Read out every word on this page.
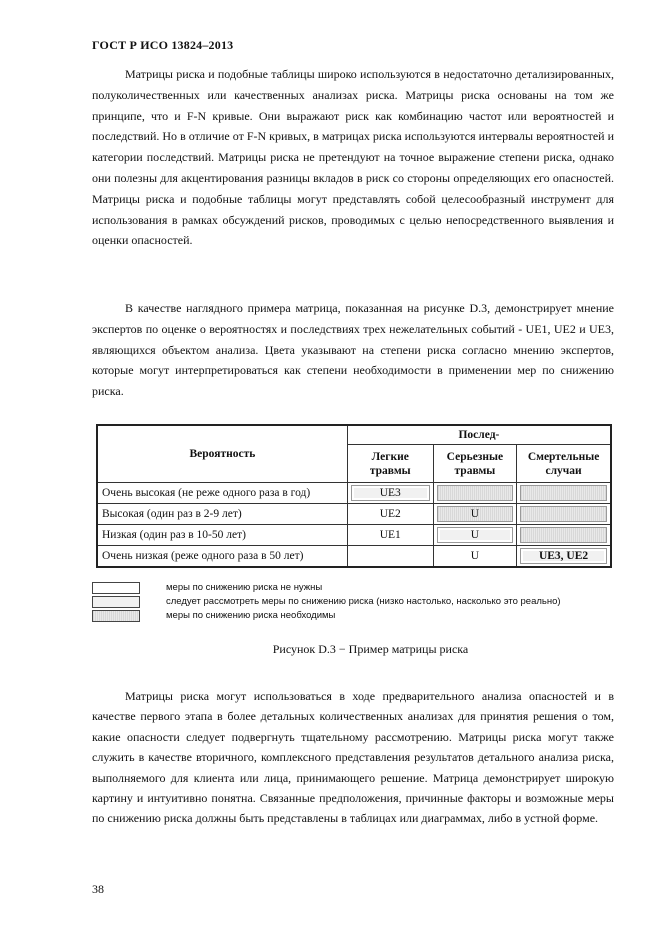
ГОСТ Р ИСО 13824–2013

Матрицы риска и подобные таблицы широко используются в недостаточно детализированных, полуколичественных или качественных анализах риска. Матрицы риска основаны на том же принципе, что и F-N кривые. Они выражают риск как комбинацию частот или вероятностей и последствий. Но в отличие от F-N кривых, в матрицах риска используются интервалы вероятностей и категории последствий. Матрицы риска не претендуют на точное выражение степени риска, однако они полезны для акцентирования разницы вкладов в риск со стороны определяющих его опасностей. Матрицы риска и подобные таблицы могут представлять собой целесообразный инструмент для использования в рамках обсуждений рисков, проводимых с целью непосредственного выявления и оценки опасностей.

В качестве наглядного примера матрица, показанная на рисунке D.3, демонстрирует мнение экспертов по оценке о вероятностях и последствиях трех нежелательных событий - UE1, UE2 и UE3, являющихся объектом анализа. Цвета указывают на степени риска согласно мнению экспертов, которые могут интерпретироваться как степени необходимости в применении мер по снижению риска.

Вероятность	Послед-		
	Легкие травмы	Серьезные травмы	Смертельные случаи
Очень высокая (не реже одного раза в год)	UE3		

Высокая (один раз в 2-9 лет)	UE2	U	

Низкая (один раз в 10-50 лет)	UE1	U	

Очень низкая (реже одного раза в 50 лет)		U	UE3, UE2
меры по снижению риска не нужны
следует рассмотреть меры по снижению риска (низко настолько, насколько это реально)
меры по снижению риска необходимы
Рисунок D.3 − Пример матрицы риска

Матрицы риска могут использоваться в ходе предварительного анализа опасностей и в качестве первого этапа в более детальных количественных анализах для принятия решения о том, какие опасности следует подвергнуть тщательному рассмотрению. Матрицы риска могут также служить в качестве вторичного, комплексного представления результатов детального анализа риска, выполняемого для клиента или лица, принимающего решение. Матрица демонстрирует широкую картину и интуитивно понятна. Связанные предположения, причинные факторы и возможные меры по снижению риска должны быть представлены в таблицах или диаграммах, либо в устной форме.

38
